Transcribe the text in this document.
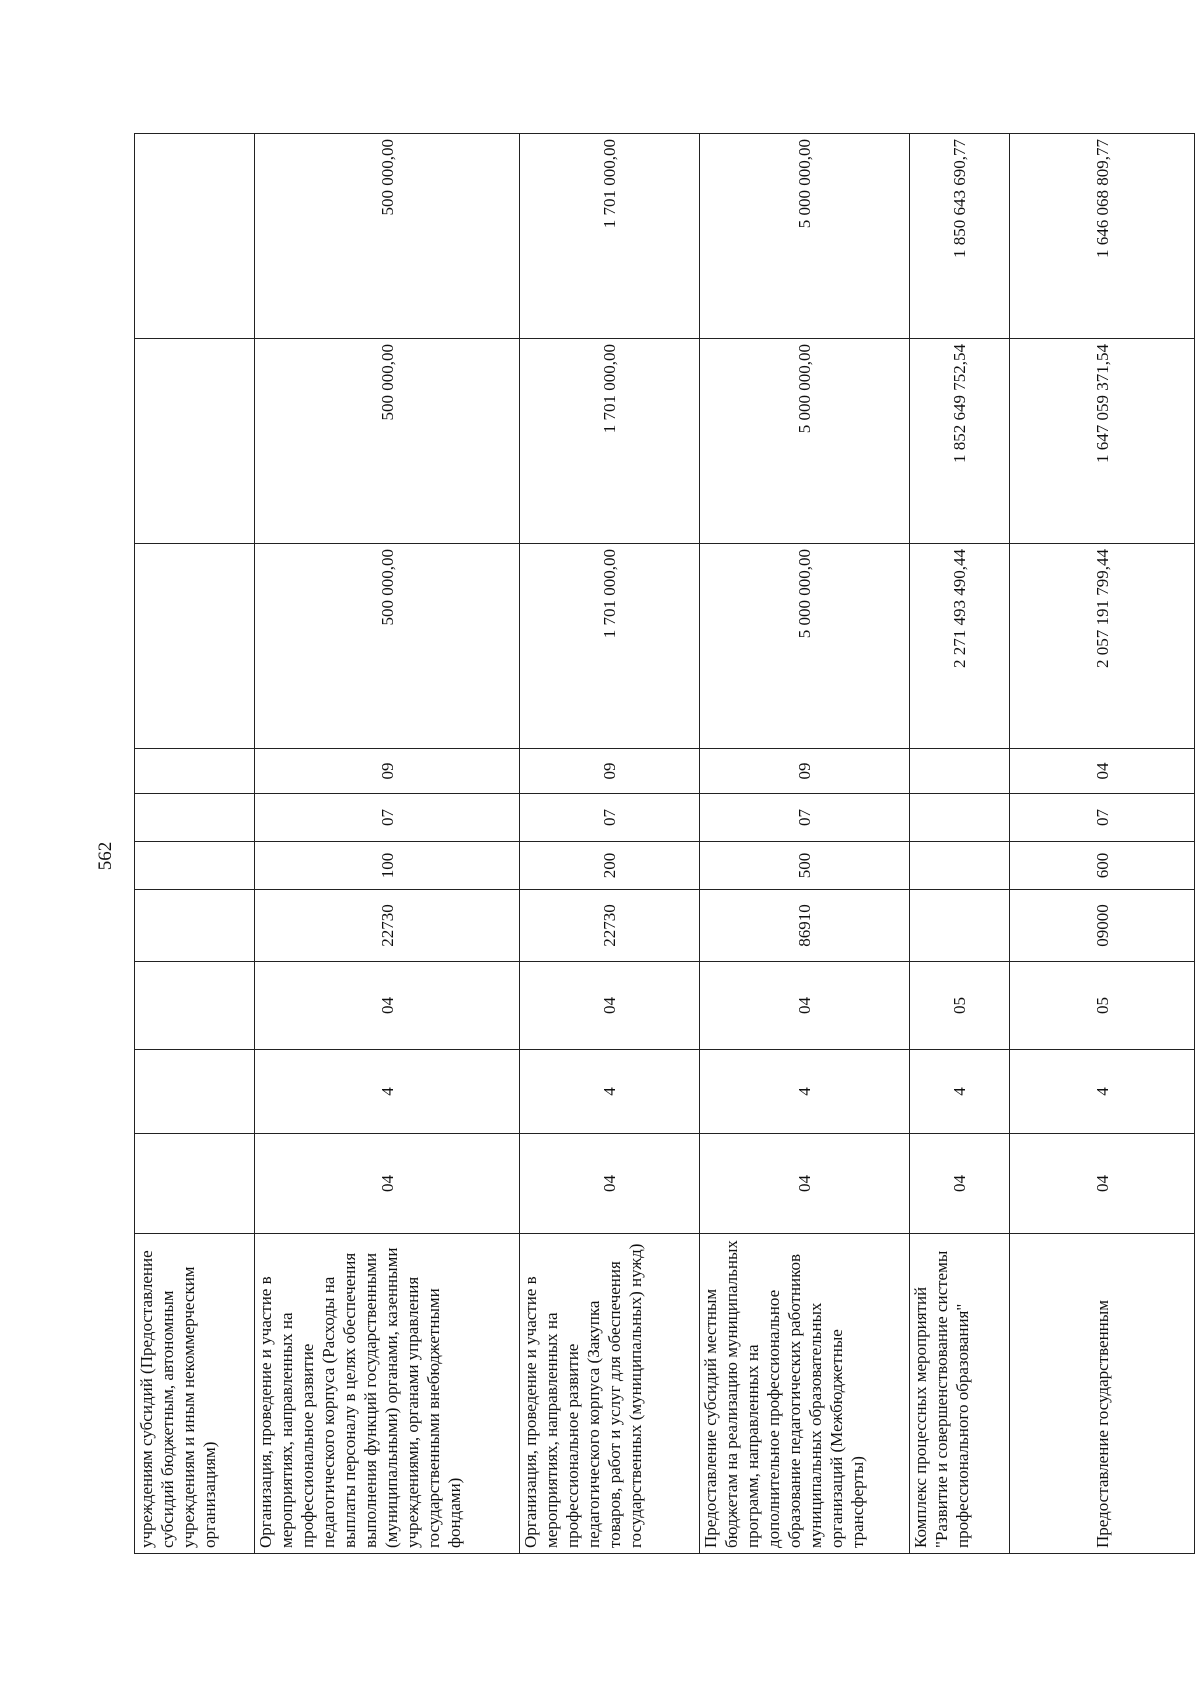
562
учреждениям субсидий (Предоставление субсидий бюджетным, автономным учреждениям и иным некоммерческим организациям)										
Организация, проведение и участие в мероприятиях, направленных на профессиональное развитие педагогического корпуса (Расходы на выплаты персоналу в целях обеспечения выполнения функций государственными (муниципальными) органами, казенными учреждениями, органами управления государственными внебюджетными фондами)	04	4	04	22730	100	07	09	500 000,00	500 000,00	500 000,00
Организация, проведение и участие в мероприятиях, направленных на профессиональное развитие педагогического корпуса (Закупка товаров, работ и услуг для обеспечения государственных (муниципальных) нужд)	04	4	04	22730	200	07	09	1 701 000,00	1 701 000,00	1 701 000,00
Предоставление субсидий местным бюджетам на реализацию муниципальных программ, направленных на дополнительное профессиональное образование педагогических работников муниципальных образовательных организаций (Межбюджетные трансферты)	04	4	04	86910	500	07	09	5 000 000,00	5 000 000,00	5 000 000,00
Комплекс процессных мероприятий "Развитие и совершенствование системы профессионального образования"	04	4	05					2 271 493 490,44	1 852 649 752,54	1 850 643 690,77
Предоставление государственным	04	4	05	09000	600	07	04	2 057 191 799,44	1 647 059 371,54	1 646 068 809,77
